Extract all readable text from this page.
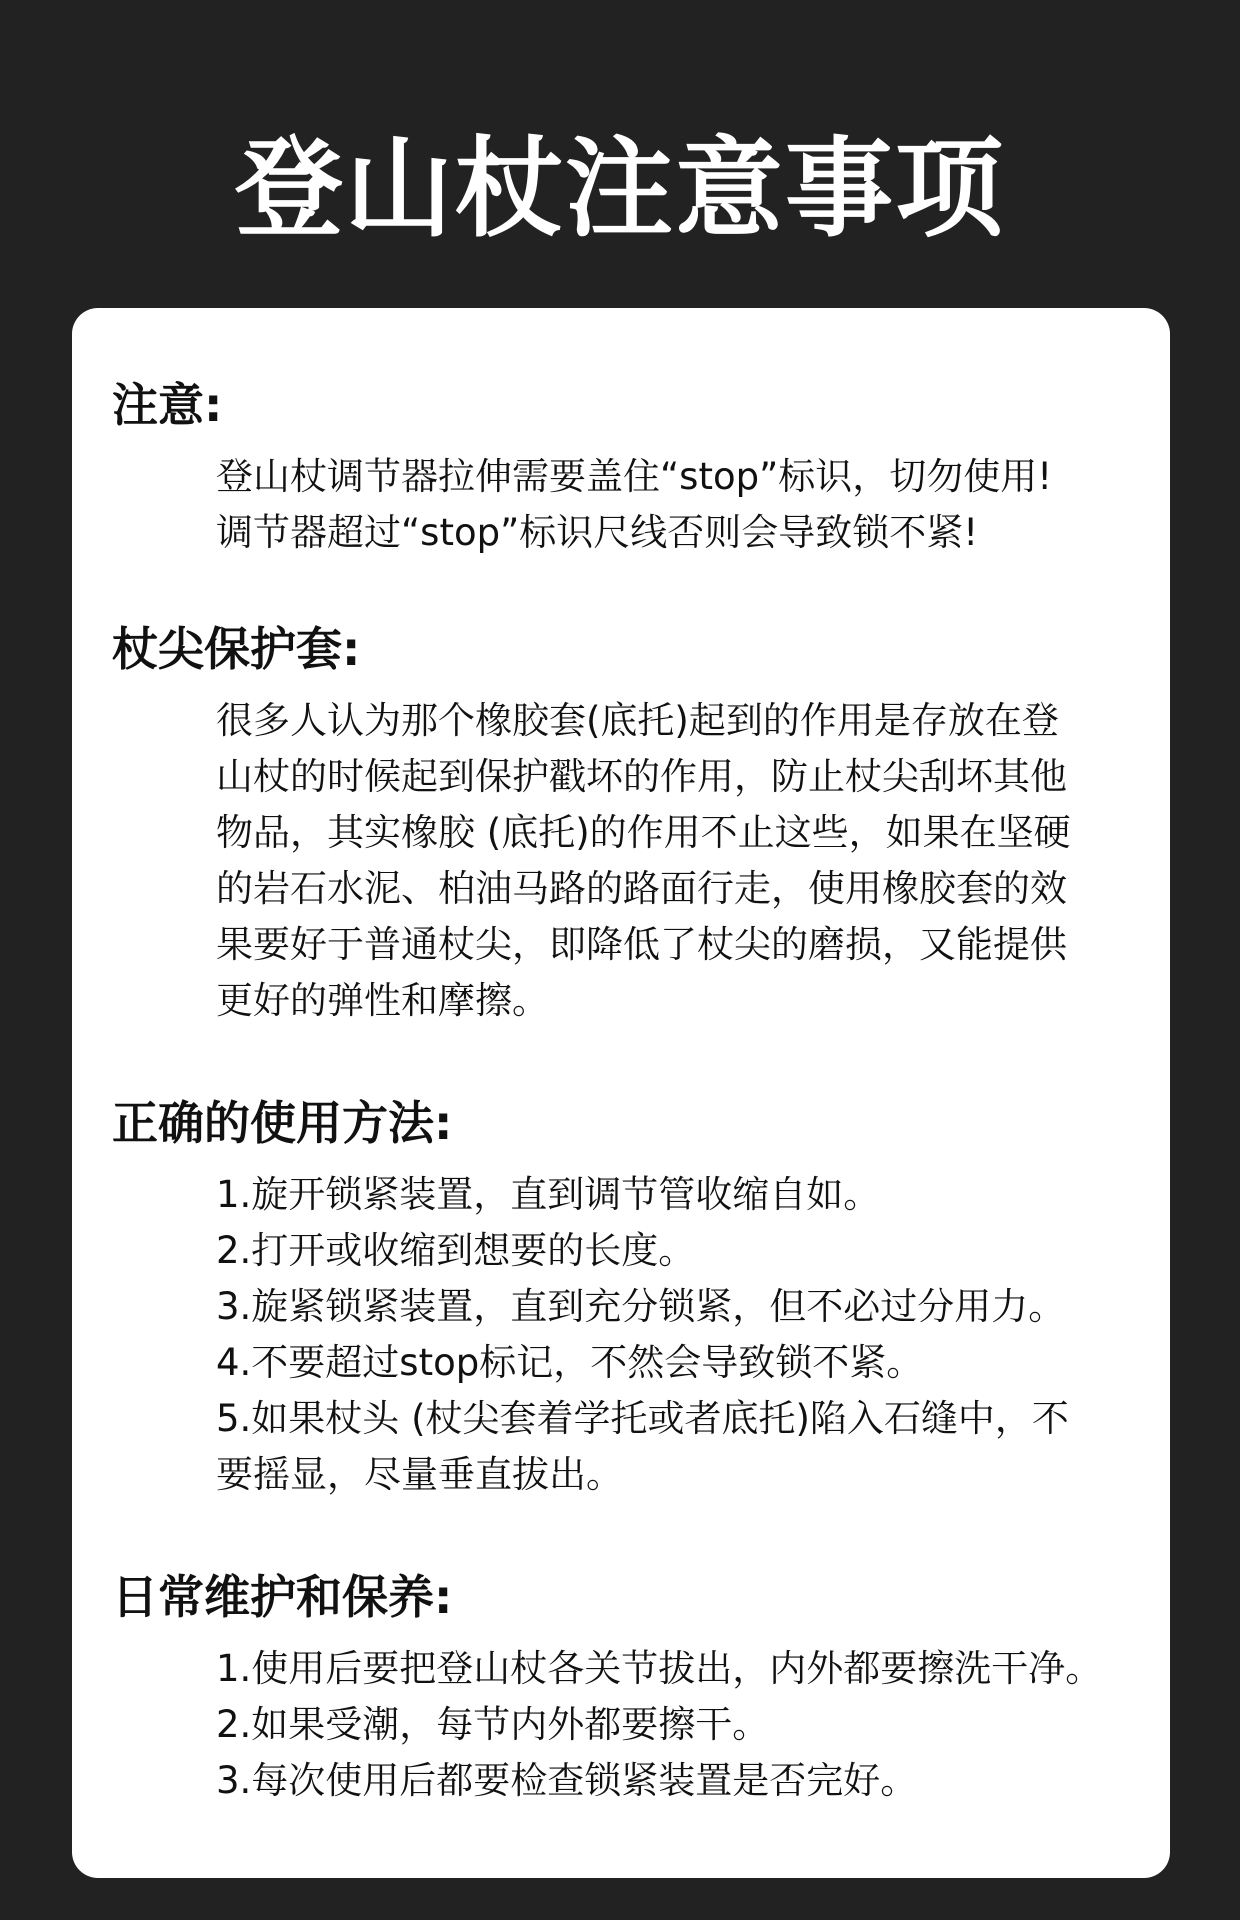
登山杖注意事项
注意:
登山杖调节器拉伸需要盖住“stop”标识，切勿使用!
调节器超过“stop”标识尺线否则会导致锁不紧!
杖尖保护套:
很多人认为那个橡胶套(底托)起到的作用是存放在登
山杖的时候起到保护戳坏的作用，防止杖尖刮坏其他
物品，其实橡胶 (底托)的作用不止这些，如果在坚硬
的岩石水泥、柏油马路的路面行走，使用橡胶套的效
果要好于普通杖尖，即降低了杖尖的磨损，又能提供
更好的弹性和摩擦。
正确的使用方法:
1.旋开锁紧装置，直到调节管收缩自如。
2.打开或收缩到想要的长度。
3.旋紧锁紧装置，直到充分锁紧，但不必过分用力。
4.不要超过stop标记，不然会导致锁不紧。
5.如果杖头 (杖尖套着学托或者底托)陷入石缝中，不
要摇显，尽量垂直拔出。
日常维护和保养:
1.使用后要把登山杖各关节拔出，内外都要擦洗干净。
2.如果受潮，每节内外都要擦干。
3.每次使用后都要检查锁紧装置是否完好。
